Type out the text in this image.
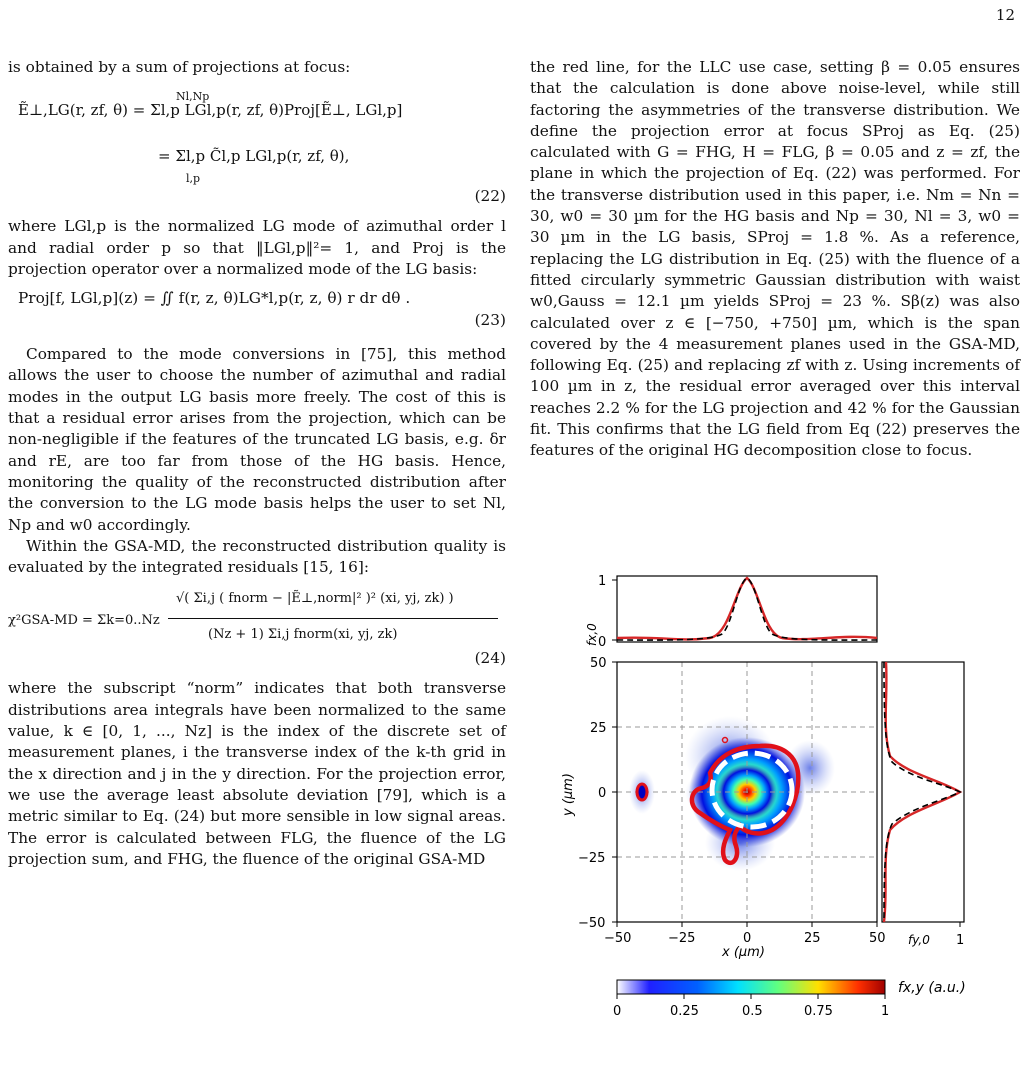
12

is obtained by a sum of projections at focus:

Nl,Np
Ẽ⊥,LG(r, zf, θ) = Σl,p LGl,p(r, zf, θ)Proj[Ẽ⊥, LGl,p]
= Σl,p C̃l,p LGl,p(r, zf, θ),
l,p
(22)

where LGl,p is the normalized LG mode of azimuthal order l and radial order p so that ‖LGl,p‖²= 1, and Proj is the projection operator over a normalized mode of the LG basis:

Proj[f, LGl,p](z) = ∬ f(r, z, θ)LG*l,p(r, z, θ) r dr dθ .
(23)

Compared to the mode conversions in [75], this method allows the user to choose the number of azimuthal and radial modes in the output LG basis more freely. The cost of this is that a residual error arises from the projection, which can be non-negligible if the features of the truncated LG basis, e.g. δr and rE, are too far from those of the HG basis. Hence, monitoring the quality of the reconstructed distribution after the conversion to the LG mode basis helps the user to set Nl, Np and w0 accordingly.

Within the GSA-MD, the reconstructed distribution quality is evaluated by the integrated residuals [15, 16]:

χ²GSA-MD = Σk=0..Nz
√( Σi,j ( fnorm − |Ẽ⊥,norm|² )² (xi, yj, zk) )
(Nz + 1) Σi,j fnorm(xi, yj, zk)
(24)

where the subscript “norm” indicates that both transverse distributions area integrals have been normalized to the same value, k ∈ [0, 1, ..., Nz] is the index of the discrete set of measurement planes, i the transverse index of the k-th grid in the x direction and j in the y direction. For the projection error, we use the average least absolute deviation [79], which is a metric similar to Eq. (24) but more sensible in low signal areas. The error is calculated between FLG, the fluence of the LG projection sum, and FHG, the fluence of the original GSA-MD

the red line, for the LLC use case, setting β = 0.05 ensures that the calculation is done above noise-level, while still factoring the asymmetries of the transverse distribution. We define the projection error at focus SProj as Eq. (25) calculated with G = FHG, H = FLG, β = 0.05 and z = zf, the plane in which the projection of Eq. (22) was performed. For the transverse distribution used in this paper, i.e. Nm = Nn = 30, w0 = 30 µm for the HG basis and Np = 30, Nl = 3, w0 = 30 µm in the LG basis, SProj = 1.8 %. As a reference, replacing the LG distribution in Eq. (25) with the fluence of a fitted circularly symmetric Gaussian distribution with waist w0,Gauss = 12.1 µm yields SProj = 23 %. Sβ(z) was also calculated over z ∈ [−750, +750] µm, which is the span covered by the 4 measurement planes used in the GSA-MD, following Eq. (25) and replacing zf with z. Using increments of 100 µm in z, the residual error averaged over this interval reaches 2.2 % for the LG projection and 42 % for the Gaussian fit. This confirms that the LG field from Eq (22) preserves the features of the original HG decomposition close to focus.

1
0
fx,0
−50	−25	0	25	50
50
25
0
−25
−50
x (µm)
y (µm)
fy,0 1
0	0.25	0.5	0.75	1
fx,y (a.u.)
